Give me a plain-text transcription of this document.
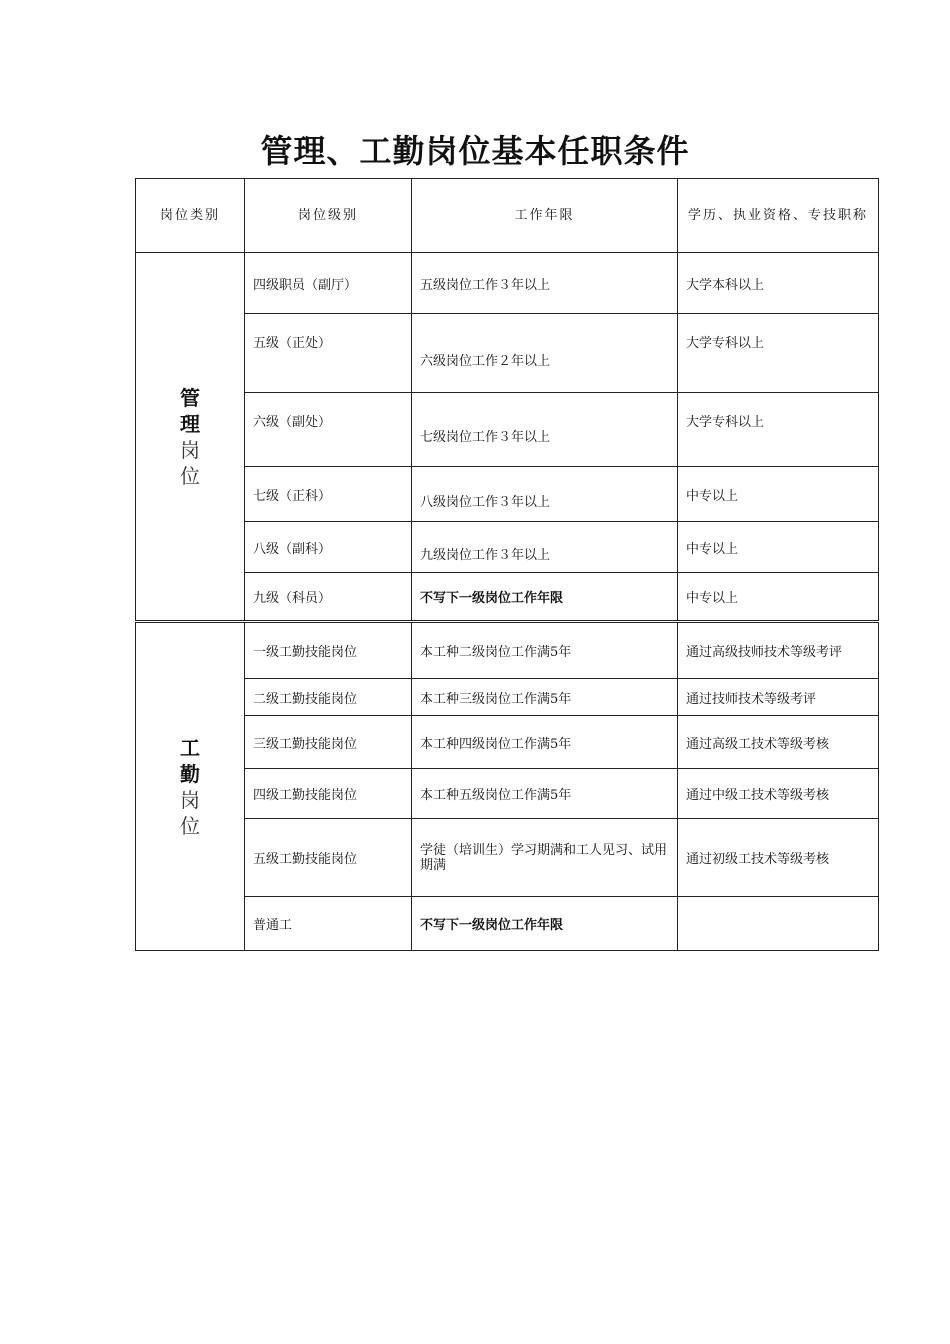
管理、工勤岗位基本任职条件
岗位类别	岗位级别	工作年限	学历、执业资格、专技职称

管
理
岗
位	四级职员（副厅）	五级岗位工作３年以上	大学本科以上
	五级（正处）	六级岗位工作２年以上	大学专科以上
	六级（副处）	七级岗位工作３年以上	大学专科以上
	七级（正科）	八级岗位工作３年以上	中专以上
	八级（副科）	九级岗位工作３年以上	中专以上
	九级（科员）	不写下一级岗位工作年限	中专以上

工
勤
岗
位	一级工勤技能岗位	本工种二级岗位工作满5年	通过高级技师技术等级考评
	二级工勤技能岗位	本工种三级岗位工作满5年	通过技师技术等级考评
	三级工勤技能岗位	本工种四级岗位工作满5年	通过高级工技术等级考核
	四级工勤技能岗位	本工种五级岗位工作满5年	通过中级工技术等级考核
	五级工勤技能岗位	学徒（培训生）学习期满和工人见习、试用期满	通过初级工技术等级考核
	普通工	不写下一级岗位工作年限	
